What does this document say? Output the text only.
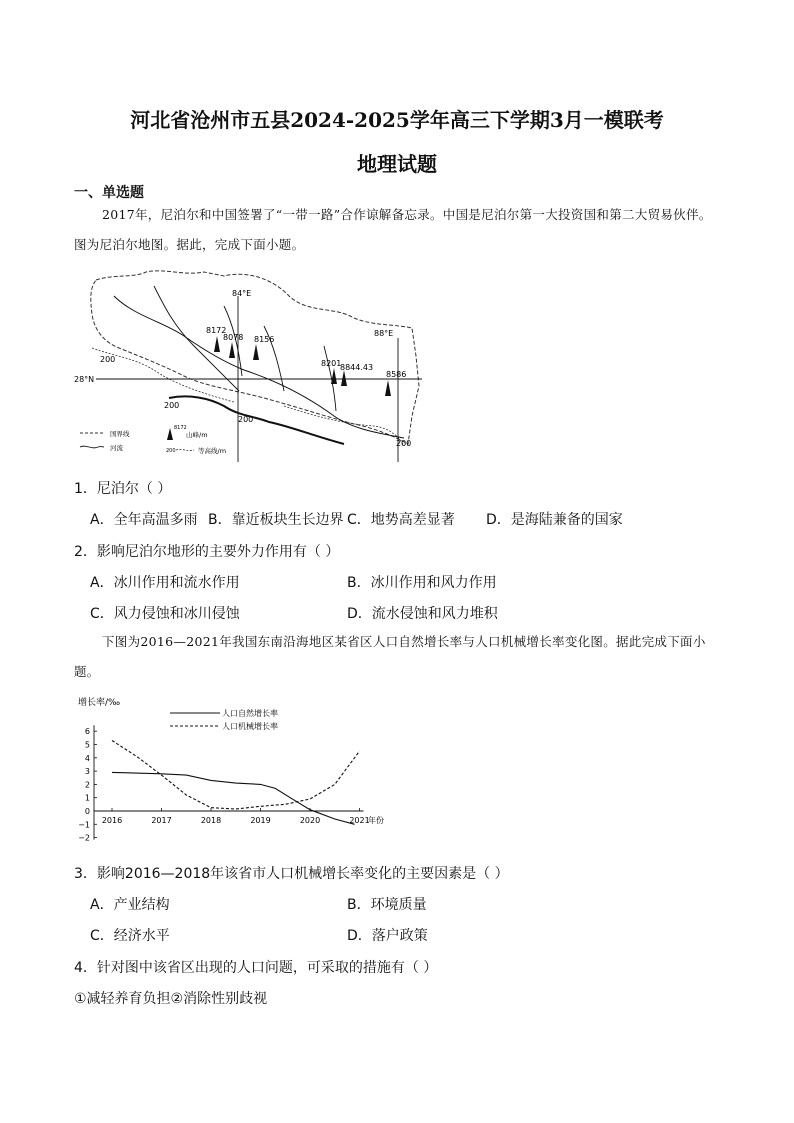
河北省沧州市五县2024-2025学年高三下学期3月一模联考
地理试题
一、单选题
2017年，尼泊尔和中国签署了“一带一路”合作谅解备忘录。中国是尼泊尔第一大投资国和第二大贸易伙伴。图为尼泊尔地图。据此，完成下面小题。
84°E
88°E
28°N
8172
8078 8156
8201
8844.43
8586
200
200
200
200
国界线
河流
8172
山峰/m
200	等高线/m
1．尼泊尔（ ）
A．全年高温多雨 B．靠近板块生长边界 C．地势高差显著 D．是海陆兼备的国家
2．影响尼泊尔地形的主要外力作用有（ ）
A．冰川作用和流水作用	B．冰川作用和风力作用
C．风力侵蚀和冰川侵蚀	D．流水侵蚀和风力堆积
下图为2016—2021年我国东南沿海地区某省区人口自然增长率与人口机械增长率变化图。据此完成下面小题。
增长率/‰
年份
−2
−1
0
1
2
3
4
5
6
2016	2017	2018	2019	2020	2021
人口自然增长率
人口机械增长率
3．影响2016—2018年该省市人口机械增长率变化的主要因素是（ ）
A．产业结构	B．环境质量
C．经济水平	D．落户政策
4．针对图中该省区出现的人口问题，可采取的措施有（ ）
①减轻养育负担②消除性别歧视
